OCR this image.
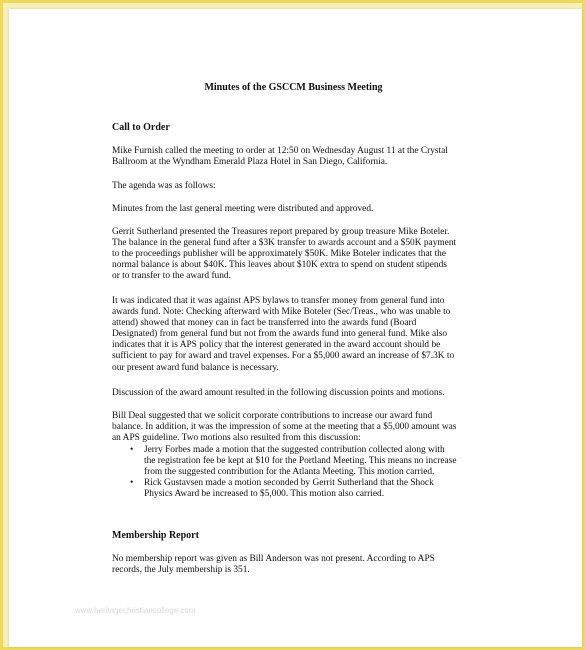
Minutes of the GSCCM Business Meeting
Call to Order

Mike Furnish called the meeting to order at 12:50 on Wednesday August 11 at the Crystal Ballroom at the Wyndham Emerald Plaza Hotel in San Diego, California.

The agenda was as follows:

Minutes from the last general meeting were distributed and approved.

Gerrit Sutherland presented the Treasures report prepared by group treasure Mike Boteler. The balance in the general fund after a $3K transfer to awards account and a $50K payment to the proceedings publisher will be approximately $50K. Mike Boteler indicates that the normal balance is about $40K. This leaves about $10K extra to spend on student stipends or to transfer to the award fund.

It was indicated that it was against APS bylaws to transfer money from general fund into awards fund. Note: Checking afterward with Mike Boteler (Sec/Treas., who was unable to attend) showed that money can in fact be transferred into the awards fund (Board Designated) from general fund but not from the awards fund into general fund. Mike also indicates that it is APS policy that the interest generated in the award account should be sufficient to pay for award and travel expenses. For a $5,000 award an increase of $7.3K to our present award fund balance is necessary.

Discussion of the award amount resulted in the following discussion points and motions.

Bill Deal suggested that we solicit corporate contributions to increase our award fund balance. In addition, it was the impression of some at the meeting that a $5,000 amount was an APS guideline. Two motions also resulted from this discussion:

• Jerry Forbes made a motion that the suggested contribution collected along with the registration fee be kept at $10 for the Portland Meeting. This means no increase from the suggested contribution for the Atlanta Meeting. This motion carried.
• Rick Gustavsen made a motion seconded by Gerrit Sutherland that the Shock Physics Award be increased to $5,000. This motion also carried.
Membership Report

No membership report was given as Bill Anderson was not present. According to APS records, the July membership is 351.

www.heritagechristiancollege.com
